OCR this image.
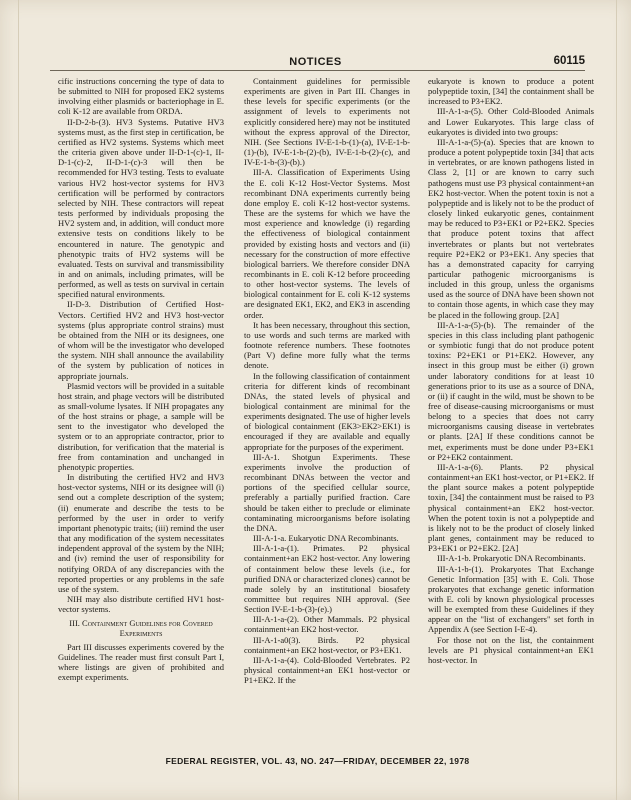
NOTICES	60115

cific instructions concerning the type of data to be submitted to NIH for proposed EK2 systems involving either plasmids or bacteriophage in E. coli K-12 are available from ORDA.

II-D-2-b-(3). HV3 Systems. Putative HV3 systems must, as the first step in certification, be certified as HV2 systems. Systems which meet the criteria given above under II-D-1-(c)-1, II-D-1-(c)-2, II-D-1-(c)-3 will then be recommended for HV3 testing. Tests to evaluate various HV2 host-vector systems for HV3 certification will be performed by contractors selected by NIH. These contractors will repeat tests performed by individuals proposing the HV2 system and, in addition, will conduct more extensive tests on conditions likely to be encountered in nature. The genotypic and phenotypic traits of HV2 systems will be evaluated. Tests on survival and transmissibility in and on animals, including primates, will be performed, as well as tests on survival in certain specified natural environments.

II-D-3. Distribution of Certified Host-Vectors. Certified HV2 and HV3 host-vector systems (plus appropriate control strains) must be obtained from the NIH or its designees, one of whom will be the investigator who developed the system. NIH shall announce the availability of the system by publication of notices in appropriate journals.

Plasmid vectors will be provided in a suitable host strain, and phage vectors will be distributed as small-volume lysates. If NIH propagates any of the host strains or phage, a sample will be sent to the investigator who developed the system or to an appropriate contractor, prior to distribution, for verification that the material is free from contamination and unchanged in phenotypic properties.

In distributing the certified HV2 and HV3 host-vector systems, NIH or its designee will (i) send out a complete description of the system; (ii) enumerate and describe the tests to be performed by the user in order to verify important phenotypic traits; (iii) remind the user that any modification of the system necessitates independent approval of the system by the NIH; and (iv) remind the user of responsibility for notifying ORDA of any discrepancies with the reported properties or any problems in the safe use of the system.

NIH may also distribute certified HV1 host-vector systems.

III. Containment Guidelines for Covered Experiments

Part III discusses experiments covered by the Guidelines. The reader must first consult Part I, where listings are given of prohibited and exempt experiments.

Containment guidelines for permissible experiments are given in Part III. Changes in these levels for specific experiments (or the assignment of levels to experiments not explicitly considered here) may not be instituted without the express approval of the Director, NIH. (See Sections IV-E-1-b-(1)-(a), IV-E-1-b-(1)-(b), IV-E-1-b-(2)-(b), IV-E-1-b-(2)-(c), and IV-E-1-b-(3)-(b).)

III-A. Classification of Experiments Using the E. coli K-12 Host-Vector Systems. Most recombinant DNA experiments currently being done employ E. coli K-12 host-vector systems. These are the systems for which we have the most experience and knowledge (i) regarding the effectiveness of biological containment provided by existing hosts and vectors and (ii) necessary for the construction of more effective biological barriers. We therefore consider DNA recombinants in E. coli K-12 before proceeding to other host-vector systems. The levels of biological containment for E. coli K-12 systems are designated EK1, EK2, and EK3 in ascending order.

It has been necessary, throughout this section, to use words and such terms are marked with footnote reference numbers. These footnotes (Part V) define more fully what the terms denote.

In the following classification of containment criteria for different kinds of recombinant DNAs, the stated levels of physical and biological containment are minimal for the experiments designated. The use of higher levels of biological containment (EK3>EK2>EK1) is encouraged if they are available and equally appropriate for the purposes of the experiment.

III-A-1. Shotgun Experiments. These experiments involve the production of recombinant DNAs between the vector and portions of the specified cellular source, preferably a partially purified fraction. Care should be taken either to preclude or eliminate contaminating microorganisms before isolating the DNA.

III-A-1-a. Eukaryotic DNA Recombinants.

III-A-1-a-(1). Primates. P2 physical containment+an EK2 host-vector. Any lowering of containment below these levels (i.e., for purified DNA or characterized clones) cannot be made solely by an institutional biosafety committee but requires NIH approval. (See Section IV-E-1-b-(3)-(e).)

III-A-1-a-(2). Other Mammals. P2 physical containment+an EK2 host-vector.

III-A-1-a0(3). Birds. P2 physical containment+an EK2 host-vector, or P3+EK1.

III-A-1-a-(4). Cold-Blooded Vertebrates. P2 physical containment+an EK1 host-vector or P1+EK2. If the

eukaryote is known to produce a potent polypeptide toxin, [34] the containment shall be increased to P3+EK2.

III-A-1-a-(5). Other Cold-Blooded Animals and Lower Eukaryotes. This large class of eukaryotes is divided into two groups:

III-A-1-a-(5)-(a). Species that are known to produce a potent polypeptide toxin [34] that acts in vertebrates, or are known pathogens listed in Class 2, [1] or are known to carry such pathogens must use P3 physical containment+an EK2 host-vector. When the potent toxin is not a polypeptide and is likely not to be the product of closely linked eukaryotic genes, containment may be reduced to P3+EK1 or P2+EK2. Species that produce potent toxins that affect invertebrates or plants but not vertebrates require P2+EK2 or P3+EK1. Any species that has a demonstrated capacity for carrying particular pathogenic microorganisms is included in this group, unless the organisms used as the source of DNA have been shown not to contain those agents, in which case they may be placed in the following group. [2A]

III-A-1-a-(5)-(b). The remainder of the species in this class including plant pathogenic or symbiotic fungi that do not produce potent toxins: P2+EK1 or P1+EK2. However, any insect in this group must be either (i) grown under laboratory conditions for at least 10 generations prior to its use as a source of DNA, or (ii) if caught in the wild, must be shown to be free of disease-causing microorganisms or must belong to a species that does not carry microorganisms causing disease in vertebrates or plants. [2A] If these conditions cannot be met, experiments must be done under P3+EK1 or P2+EK2 containment.

III-A-1-a-(6). Plants. P2 physical containment+an EK1 host-vector, or P1+EK2. If the plant source makes a potent polypeptide toxin, [34] the containment must be raised to P3 physical containment+an EK2 host-vector. When the potent toxin is not a polypeptide and is likely not to be the product of closely linked plant genes, containment may be reduced to P3+EK1 or P2+EK2. [2A]

III-A-1-b. Prokaryotic DNA Recombinants.

III-A-1-b-(1). Prokaryotes That Exchange Genetic Information [35] with E. Coli. Those prokaryotes that exchange genetic information with E. coli by known physiological processes will be exempted from these Guidelines if they appear on the "list of exchangers" set forth in Appendix A (see Section I-E-4).

For those not on the list, the containment levels are P1 physical containment+an EK1 host-vector. In

FEDERAL REGISTER, VOL. 43, NO. 247—FRIDAY, DECEMBER 22, 1978
